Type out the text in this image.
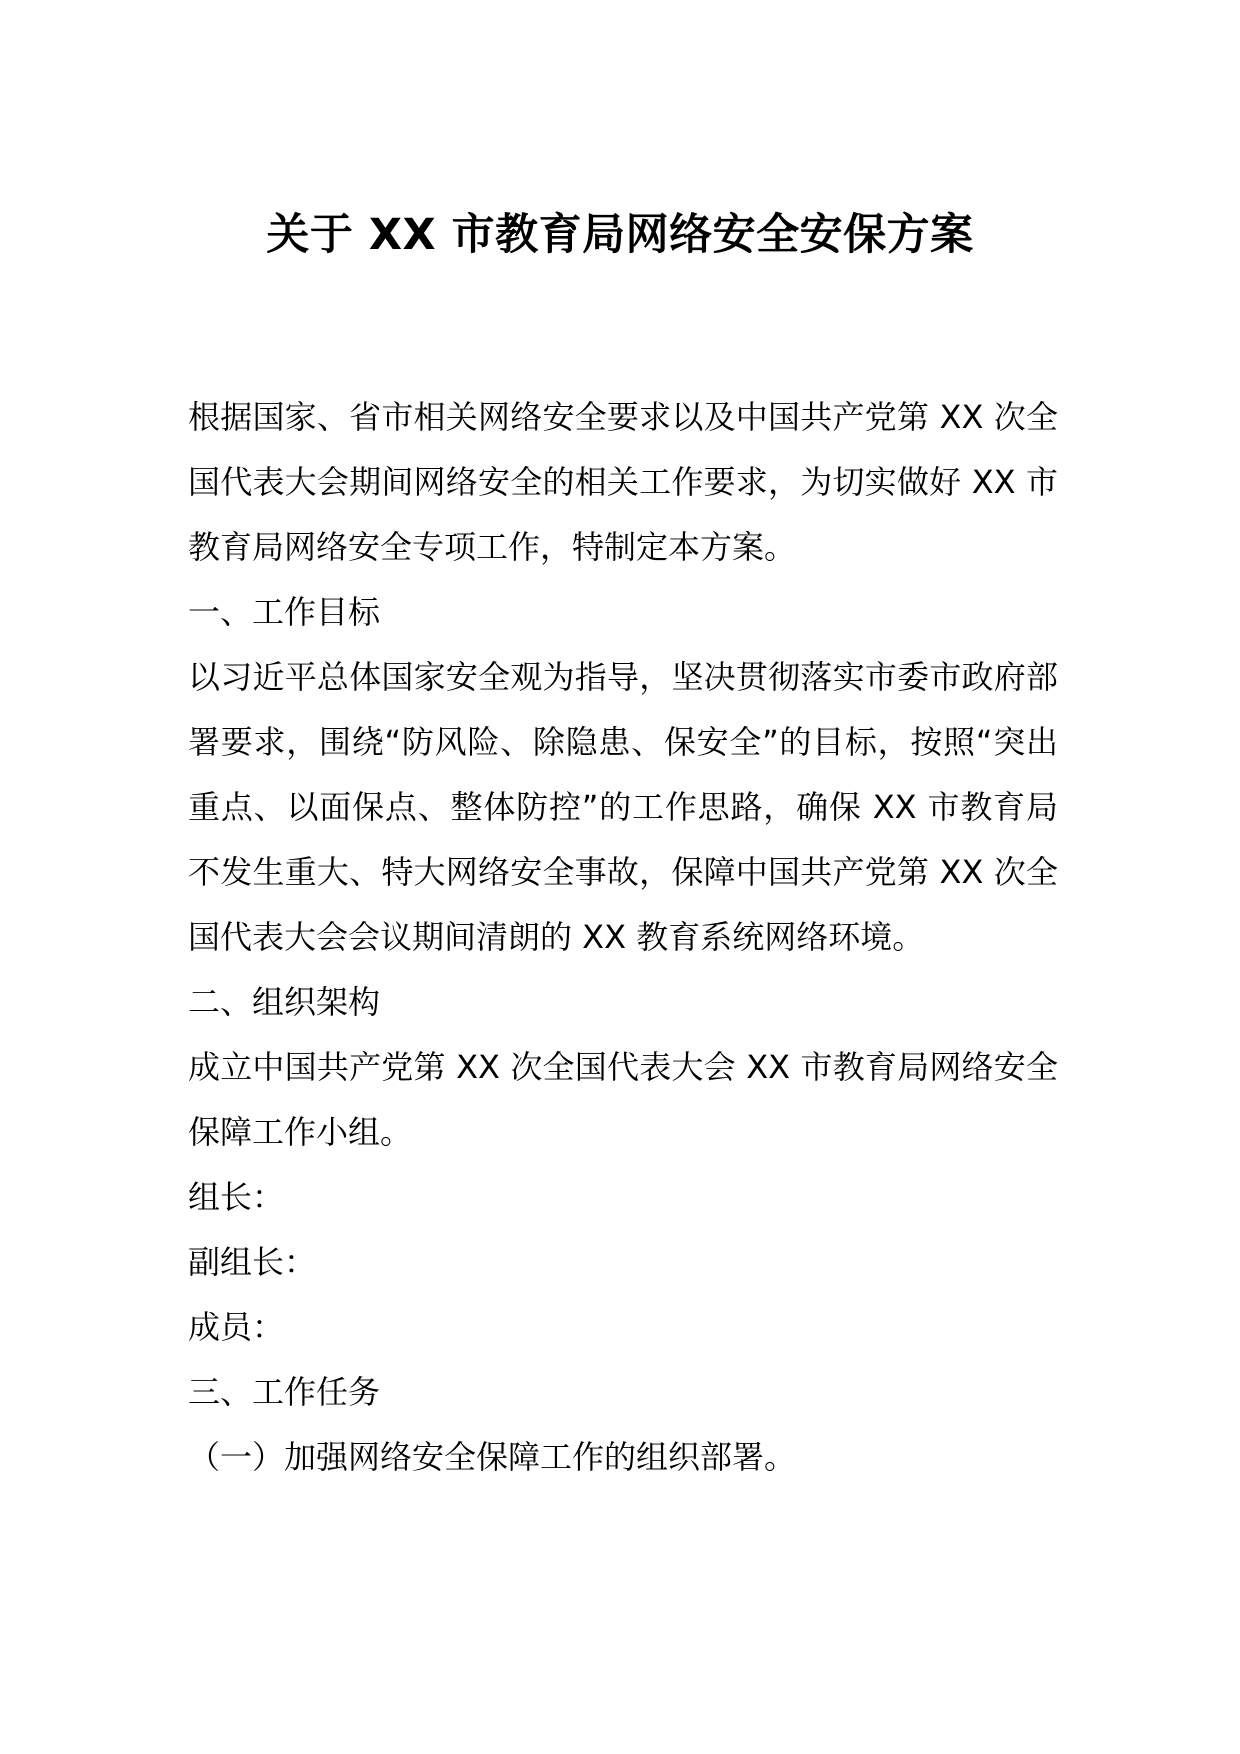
关于 XX 市教育局网络安全安保方案

根据国家、省市相关网络安全要求以及中国共产党第 XX 次全国代表大会期间网络安全的相关工作要求，为切实做好 XX 市教育局网络安全专项工作，特制定本方案。

一、工作目标

以习近平总体国家安全观为指导，坚决贯彻落实市委市政府部署要求，围绕“防风险、除隐患、保安全”的目标，按照“突出重点、以面保点、整体防控”的工作思路，确保 XX 市教育局不发生重大、特大网络安全事故，保障中国共产党第 XX 次全国代表大会会议期间清朗的 XX 教育系统网络环境。

二、组织架构

成立中国共产党第 XX 次全国代表大会 XX 市教育局网络安全保障工作小组。

组长：

副组长：

成员：

三、工作任务

（一）加强网络安全保障工作的组织部署。
